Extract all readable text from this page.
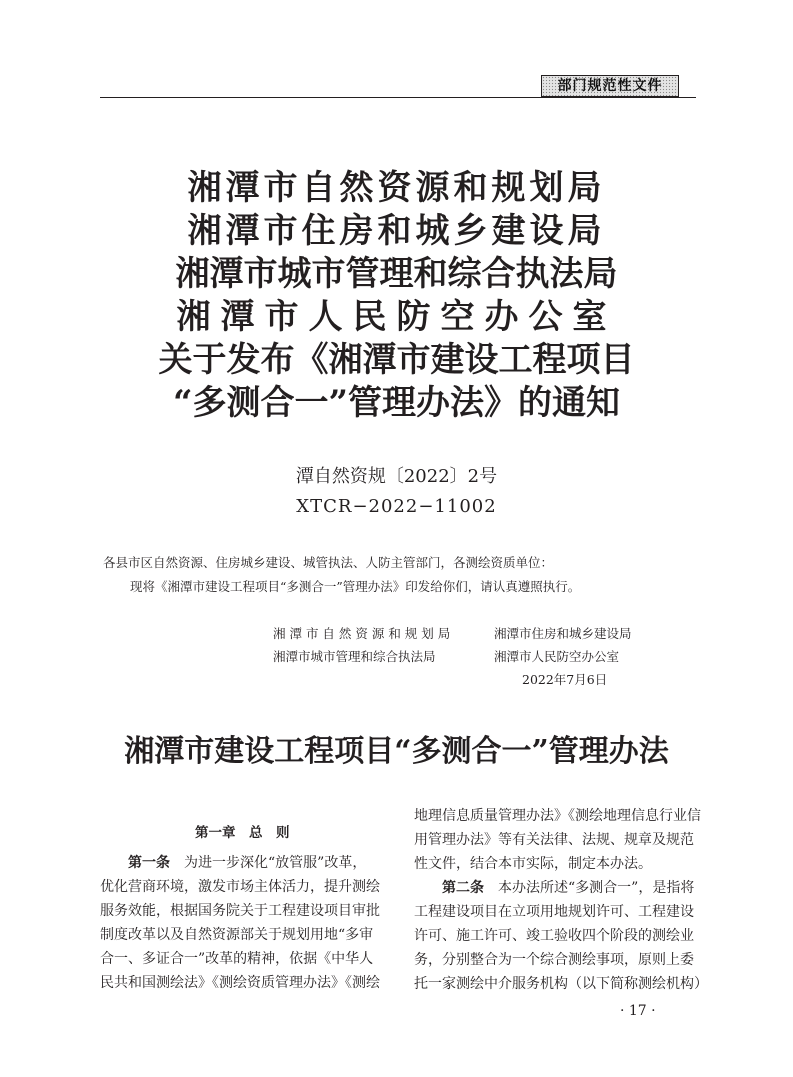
部门规范性文件
湘潭市自然资源和规划局
湘潭市住房和城乡建设局
湘潭市城市管理和综合执法局
湘潭市人民防空办公室
关于发布《湘潭市建设工程项目
“多测合一”管理办法》的通知
潭自然资规〔2022〕2号
XTCR−2022−11002
各县市区自然资源、住房城乡建设、城管执法、人防主管部门，各测绘资质单位：
现将《湘潭市建设工程项目“多测合一”管理办法》印发给你们，请认真遵照执行。
湘 潭 市 自 然 资 源 和 规 划 局
湘潭市城市管理和综合执法局
湘潭市住房和城乡建设局
湘潭市人民防空办公室
2022年7月6日
湘潭市建设工程项目“多测合一”管理办法
第一章　总　则
第一条　为进一步深化“放管服”改革，
优化营商环境，激发市场主体活力，提升测绘
服务效能，根据国务院关于工程建设项目审批
制度改革以及自然资源部关于规划用地“多审
合一、多证合一”改革的精神，依据《中华人
民共和国测绘法》《测绘资质管理办法》《测绘
地理信息质量管理办法》《测绘地理信息行业信
用管理办法》等有关法律、法规、规章及规范
性文件，结合本市实际，制定本办法。
第二条　本办法所述“多测合一”，是指将
工程建设项目在立项用地规划许可、工程建设
许可、施工许可、竣工验收四个阶段的测绘业
务，分别整合为一个综合测绘事项，原则上委
托一家测绘中介服务机构（以下简称测绘机构）
· 17 ·
